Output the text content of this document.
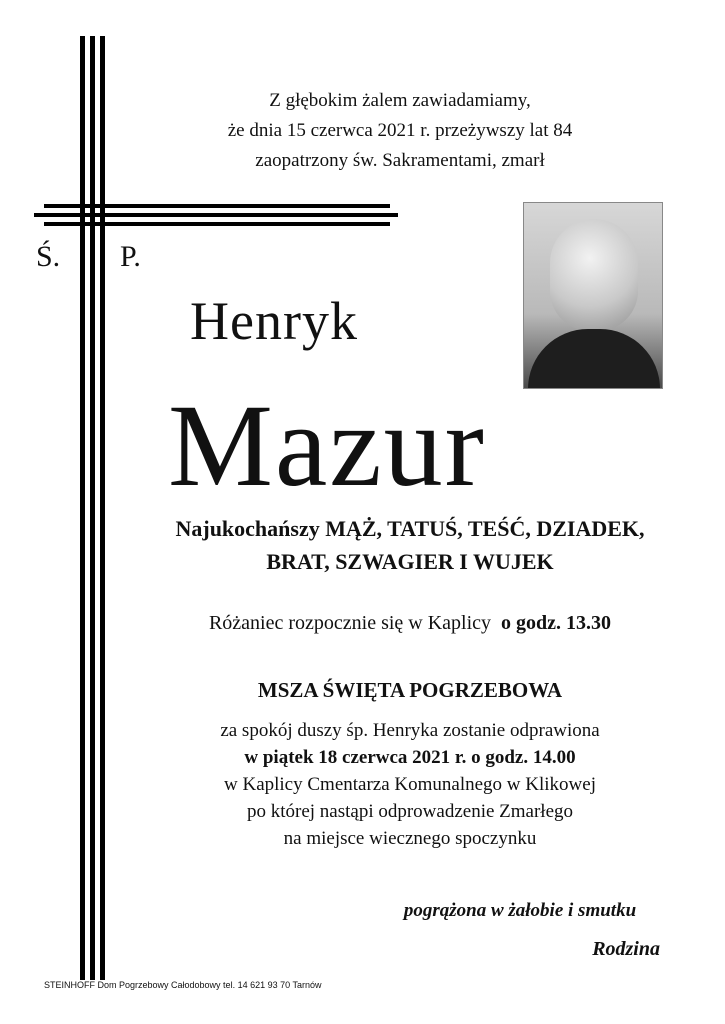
Z głębokim żalem zawiadamiamy,
że dnia 15 czerwca 2021 r. przeżywszy lat 84
zaopatrzony św. Sakramentami, zmarł
Ś. P.
Henryk
Mazur
Najukochańszy MĄŻ, TATUŚ, TEŚĆ, DZIADEK,
BRAT, SZWAGIER I WUJEK
Różaniec rozpocznie się w Kaplicy o godz. 13.30
MSZA ŚWIĘTA POGRZEBOWA
za spokój duszy śp. Henryka zostanie odprawiona
w piątek 18 czerwca 2021 r. o godz. 14.00
w Kaplicy Cmentarza Komunalnego w Klikowej
po której nastąpi odprowadzenie Zmarłego
na miejsce wiecznego spoczynku
pogrążona w żałobie i smutku
Rodzina
STEINHOFF Dom Pogrzebowy Całodobowy tel. 14 621 93 70 Tarnów
